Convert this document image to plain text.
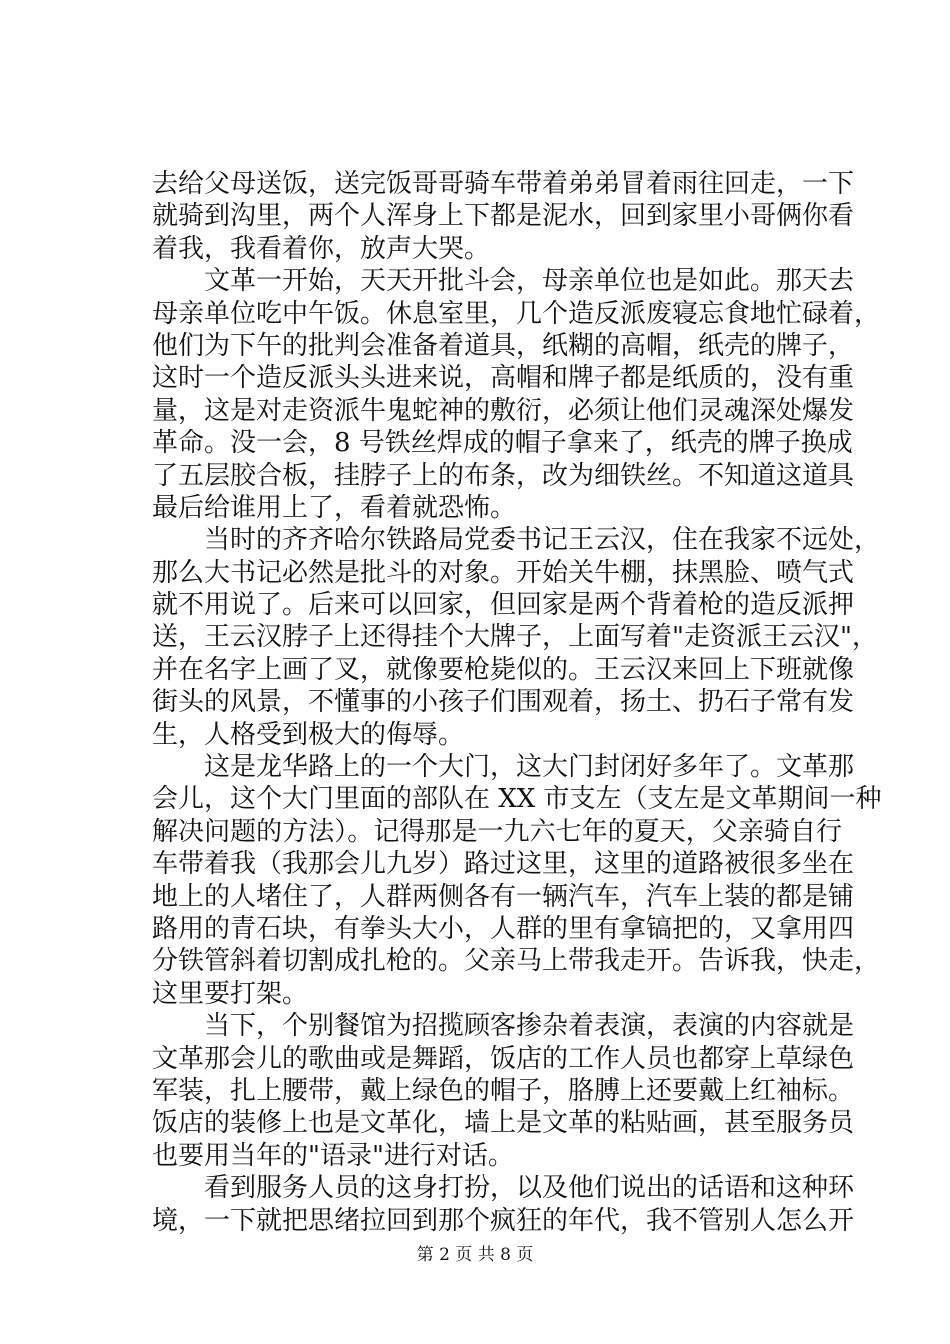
去给父母送饭，送完饭哥哥骑车带着弟弟冒着雨往回走，一下
就骑到沟里，两个人浑身上下都是泥水，回到家里小哥俩你看
着我，我看着你，放声大哭。
文革一开始，天天开批斗会，母亲单位也是如此。那天去
母亲单位吃中午饭。休息室里，几个造反派废寝忘食地忙碌着，
他们为下午的批判会准备着道具，纸糊的高帽，纸壳的牌子，
这时一个造反派头头进来说，高帽和牌子都是纸质的，没有重
量，这是对走资派牛鬼蛇神的敷衍，必须让他们灵魂深处爆发
革命。没一会，8 号铁丝焊成的帽子拿来了，纸壳的牌子换成
了五层胶合板，挂脖子上的布条，改为细铁丝。不知道这道具
最后给谁用上了，看着就恐怖。
当时的齐齐哈尔铁路局党委书记王云汉，住在我家不远处，
那么大书记必然是批斗的对象。开始关牛棚，抹黑脸、喷气式
就不用说了。后来可以回家，但回家是两个背着枪的造反派押
送，王云汉脖子上还得挂个大牌子，上面写着"走资派王云汉"，
并在名字上画了叉，就像要枪毙似的。王云汉来回上下班就像
街头的风景，不懂事的小孩子们围观着，扬土、扔石子常有发
生，人格受到极大的侮辱。
这是龙华路上的一个大门，这大门封闭好多年了。文革那
会儿，这个大门里面的部队在 XX 市支左（支左是文革期间一种
解决问题的方法）。记得那是一九六七年的夏天，父亲骑自行
车带着我（我那会儿九岁）路过这里，这里的道路被很多坐在
地上的人堵住了，人群两侧各有一辆汽车，汽车上装的都是铺
路用的青石块，有拳头大小，人群的里有拿镐把的，又拿用四
分铁管斜着切割成扎枪的。父亲马上带我走开。告诉我，快走，
这里要打架。
当下，个别餐馆为招揽顾客掺杂着表演，表演的内容就是
文革那会儿的歌曲或是舞蹈，饭店的工作人员也都穿上草绿色
军装，扎上腰带，戴上绿色的帽子，胳膊上还要戴上红袖标。
饭店的装修上也是文革化，墙上是文革的粘贴画，甚至服务员
也要用当年的"语录"进行对话。
看到服务人员的这身打扮，以及他们说出的话语和这种环
境，一下就把思绪拉回到那个疯狂的年代，我不管别人怎么开
第 2 页 共 8 页
